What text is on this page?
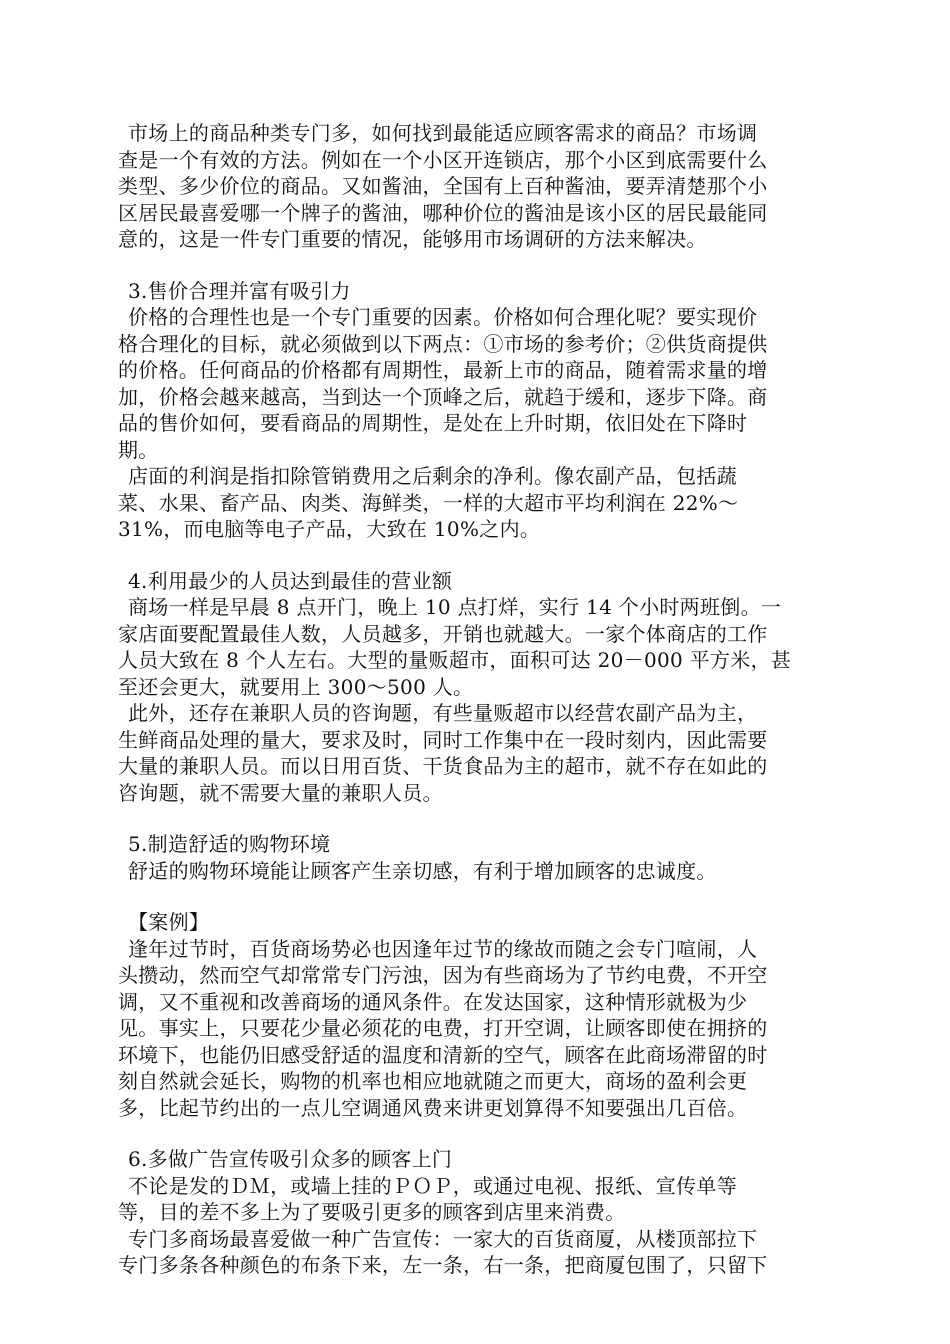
市场上的商品种类专门多，如何找到最能适应顾客需求的商品？市场调
查是一个有效的方法。例如在一个小区开连锁店，那个小区到底需要什么
类型、多少价位的商品。又如酱油，全国有上百种酱油，要弄清楚那个小
区居民最喜爱哪一个牌子的酱油，哪种价位的酱油是该小区的居民最能同
意的，这是一件专门重要的情况，能够用市场调研的方法来解决。
3.售价合理并富有吸引力
价格的合理性也是一个专门重要的因素。价格如何合理化呢？要实现价
格合理化的目标，就必须做到以下两点：①市场的参考价；②供货商提供
的价格。任何商品的价格都有周期性，最新上市的商品，随着需求量的增
加，价格会越来越高，当到达一个顶峰之后，就趋于缓和，逐步下降。商
品的售价如何，要看商品的周期性，是处在上升时期，依旧处在下降时
期。
店面的利润是指扣除管销费用之后剩余的净利。像农副产品，包括蔬
菜、水果、畜产品、肉类、海鲜类，一样的大超市平均利润在 22%～
31%，而电脑等电子产品，大致在 10%之内。
4.利用最少的人员达到最佳的营业额
商场一样是早晨 8 点开门，晚上 10 点打烊，实行 14 个小时两班倒。一
家店面要配置最佳人数，人员越多，开销也就越大。一家个体商店的工作
人员大致在 8 个人左右。大型的量贩超市，面积可达 20－000 平方米，甚
至还会更大，就要用上 300～500 人。
此外，还存在兼职人员的咨询题，有些量贩超市以经营农副产品为主，
生鲜商品处理的量大，要求及时，同时工作集中在一段时刻内，因此需要
大量的兼职人员。而以日用百货、干货食品为主的超市，就不存在如此的
咨询题，就不需要大量的兼职人员。
5.制造舒适的购物环境
舒适的购物环境能让顾客产生亲切感，有利于增加顾客的忠诚度。
【案例】
逢年过节时，百货商场势必也因逢年过节的缘故而随之会专门喧闹，人
头攒动，然而空气却常常专门污浊，因为有些商场为了节约电费，不开空
调，又不重视和改善商场的通风条件。在发达国家，这种情形就极为少
见。事实上，只要花少量必须花的电费，打开空调，让顾客即使在拥挤的
环境下，也能仍旧感受舒适的温度和清新的空气，顾客在此商场滞留的时
刻自然就会延长，购物的机率也相应地就随之而更大，商场的盈利会更
多，比起节约出的一点儿空调通风费来讲更划算得不知要强出几百倍。
6.多做广告宣传吸引众多的顾客上门
不论是发的ＤＭ，或墙上挂的ＰＯＰ，或通过电视、报纸、宣传单等
等，目的差不多上为了要吸引更多的顾客到店里来消费。
专门多商场最喜爱做一种广告宣传：一家大的百货商厦，从楼顶部拉下
专门多条各种颜色的布条下来，左一条，右一条，把商厦包围了，只留下
